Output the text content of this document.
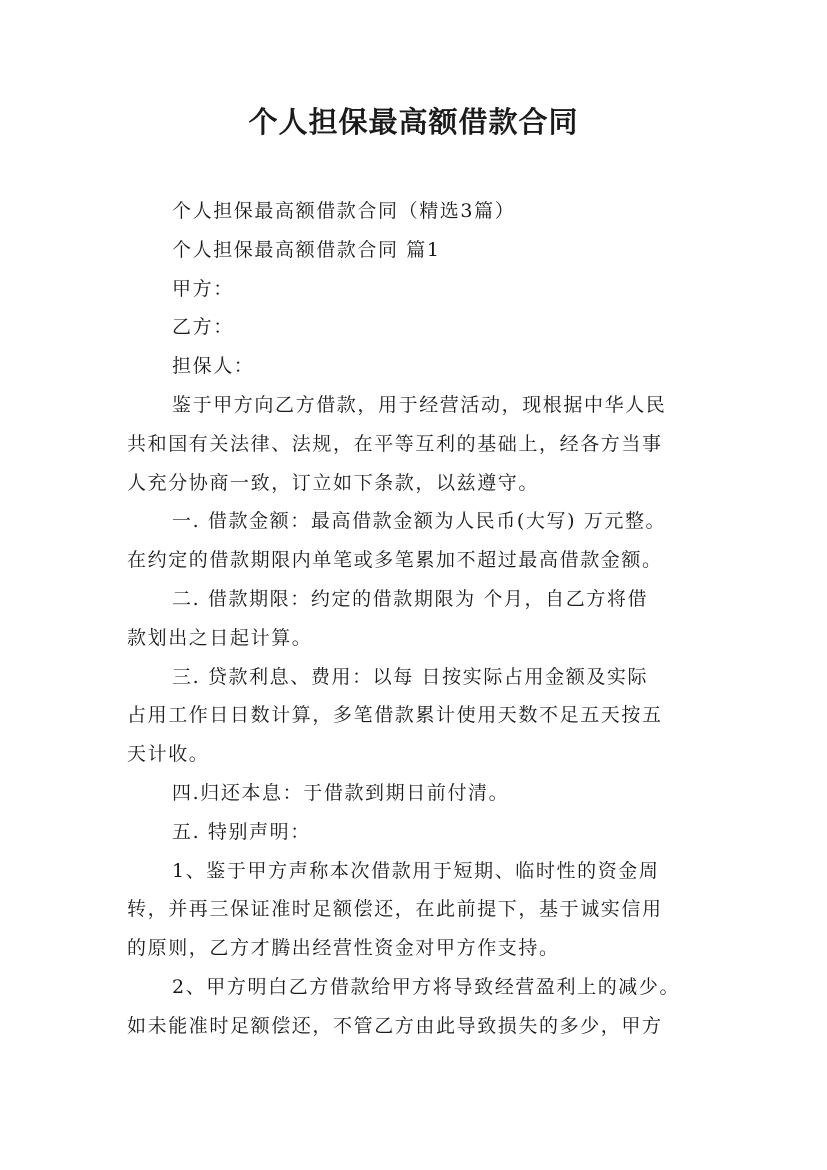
个人担保最高额借款合同
个人担保最高额借款合同（精选3篇）
个人担保最高额借款合同 篇1
甲方：
乙方：
担保人：
鉴于甲方向乙方借款，用于经营活动，现根据中华人民
共和国有关法律、法规，在平等互利的基础上，经各方当事
人充分协商一致，订立如下条款，以兹遵守。
一. 借款金额：最高借款金额为人民币(大写) 万元整。
在约定的借款期限内单笔或多笔累加不超过最高借款金额。
二. 借款期限：约定的借款期限为 个月，自乙方将借
款划出之日起计算。
三. 贷款利息、费用：以每 日按实际占用金额及实际
占用工作日日数计算，多笔借款累计使用天数不足五天按五
天计收。
四.归还本息：于借款到期日前付清。
五. 特别声明：
1、鉴于甲方声称本次借款用于短期、临时性的资金周
转，并再三保证准时足额偿还，在此前提下，基于诚实信用
的原则，乙方才腾出经营性资金对甲方作支持。
2、甲方明白乙方借款给甲方将导致经营盈利上的减少。
如未能准时足额偿还，不管乙方由此导致损失的多少，甲方
